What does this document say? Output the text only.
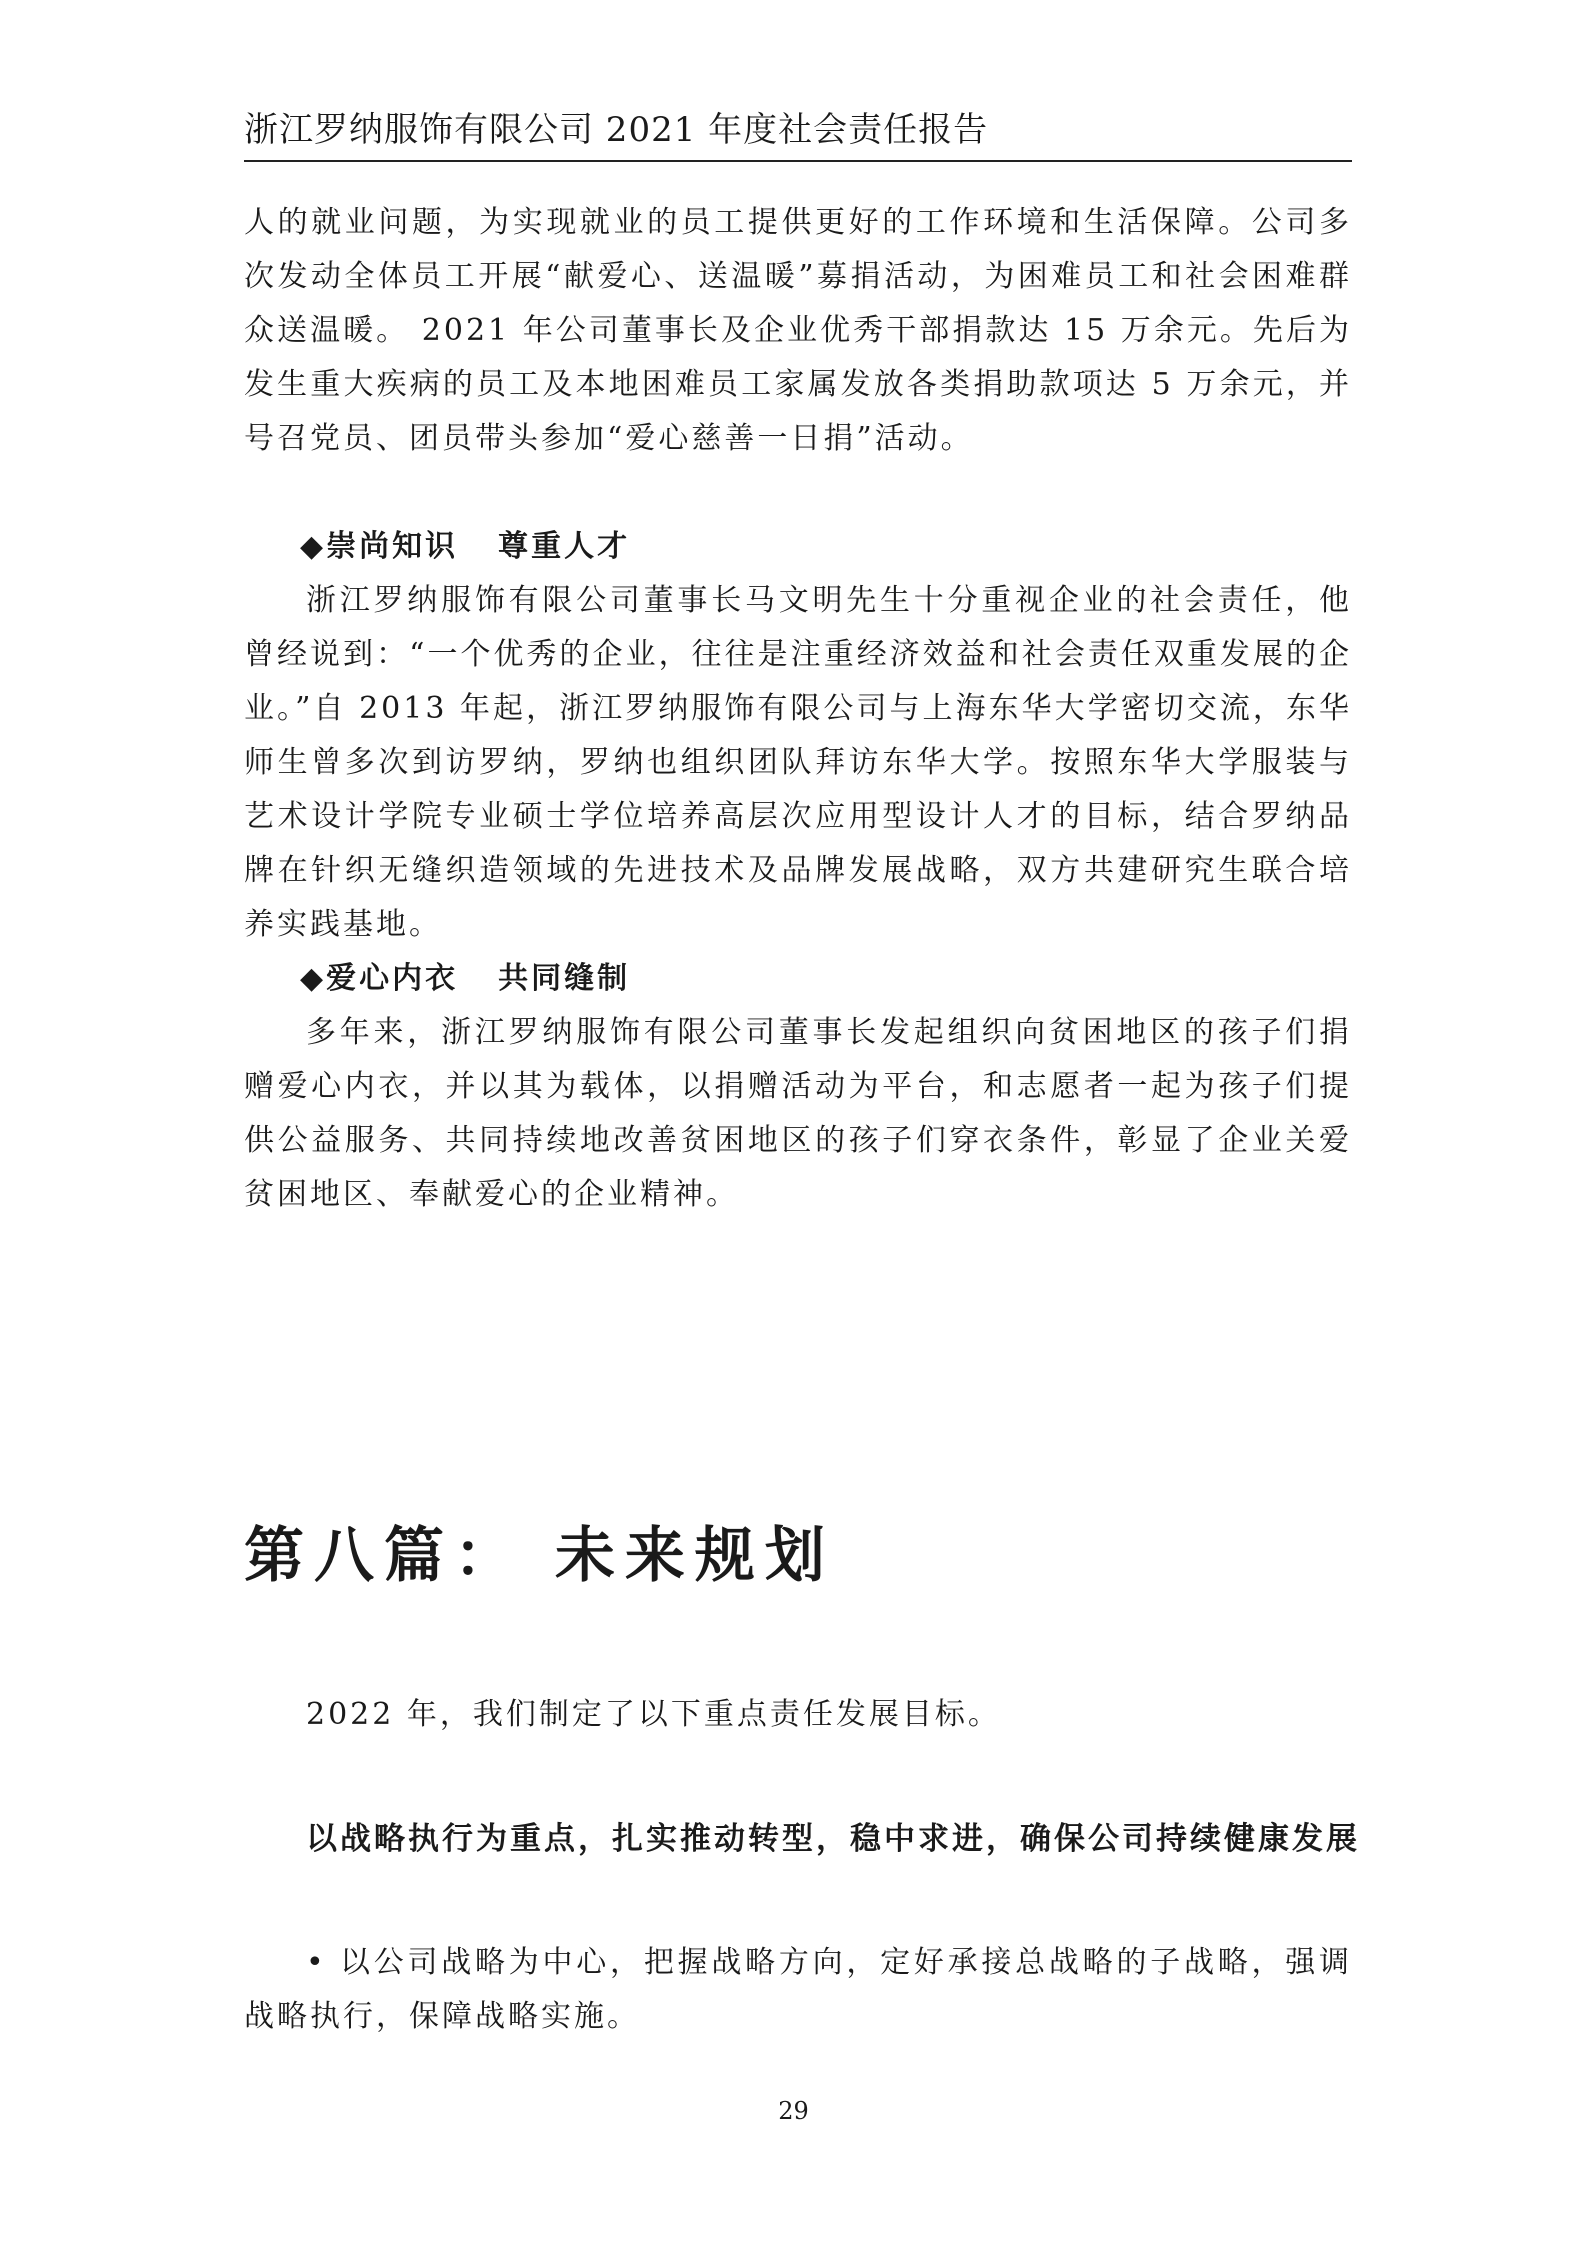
浙江罗纳服饰有限公司 2021 年度社会责任报告

人的就业问题，为实现就业的员工提供更好的工作环境和生活保障。公司多次发动全体员工开展“献爱心、送温暖”募捐活动，为困难员工和社会困难群众送温暖。 2021 年公司董事长及企业优秀干部捐款达 15 万余元。先后为发生重大疾病的员工及本地困难员工家属发放各类捐助款项达 5 万余元，并号召党员、团员带头参加“爱心慈善一日捐”活动。

◆崇尚知识 尊重人才

浙江罗纳服饰有限公司董事长马文明先生十分重视企业的社会责任，他曾经说到：“一个优秀的企业，往往是注重经济效益和社会责任双重发展的企业。”自 2013 年起，浙江罗纳服饰有限公司与上海东华大学密切交流，东华师生曾多次到访罗纳，罗纳也组织团队拜访东华大学。按照东华大学服装与艺术设计学院专业硕士学位培养高层次应用型设计人才的目标，结合罗纳品牌在针织无缝织造领域的先进技术及品牌发展战略，双方共建研究生联合培养实践基地。

◆爱心内衣 共同缝制

多年来，浙江罗纳服饰有限公司董事长发起组织向贫困地区的孩子们捐赠爱心内衣，并以其为载体，以捐赠活动为平台，和志愿者一起为孩子们提供公益服务、共同持续地改善贫困地区的孩子们穿衣条件，彰显了企业关爱贫困地区、奉献爱心的企业精神。

第八篇： 未来规划

2022 年，我们制定了以下重点责任发展目标。

以战略执行为重点，扎实推动转型，稳中求进，确保公司持续健康发展

• 以公司战略为中心，把握战略方向，定好承接总战略的子战略，强调战略执行，保障战略实施。

29
